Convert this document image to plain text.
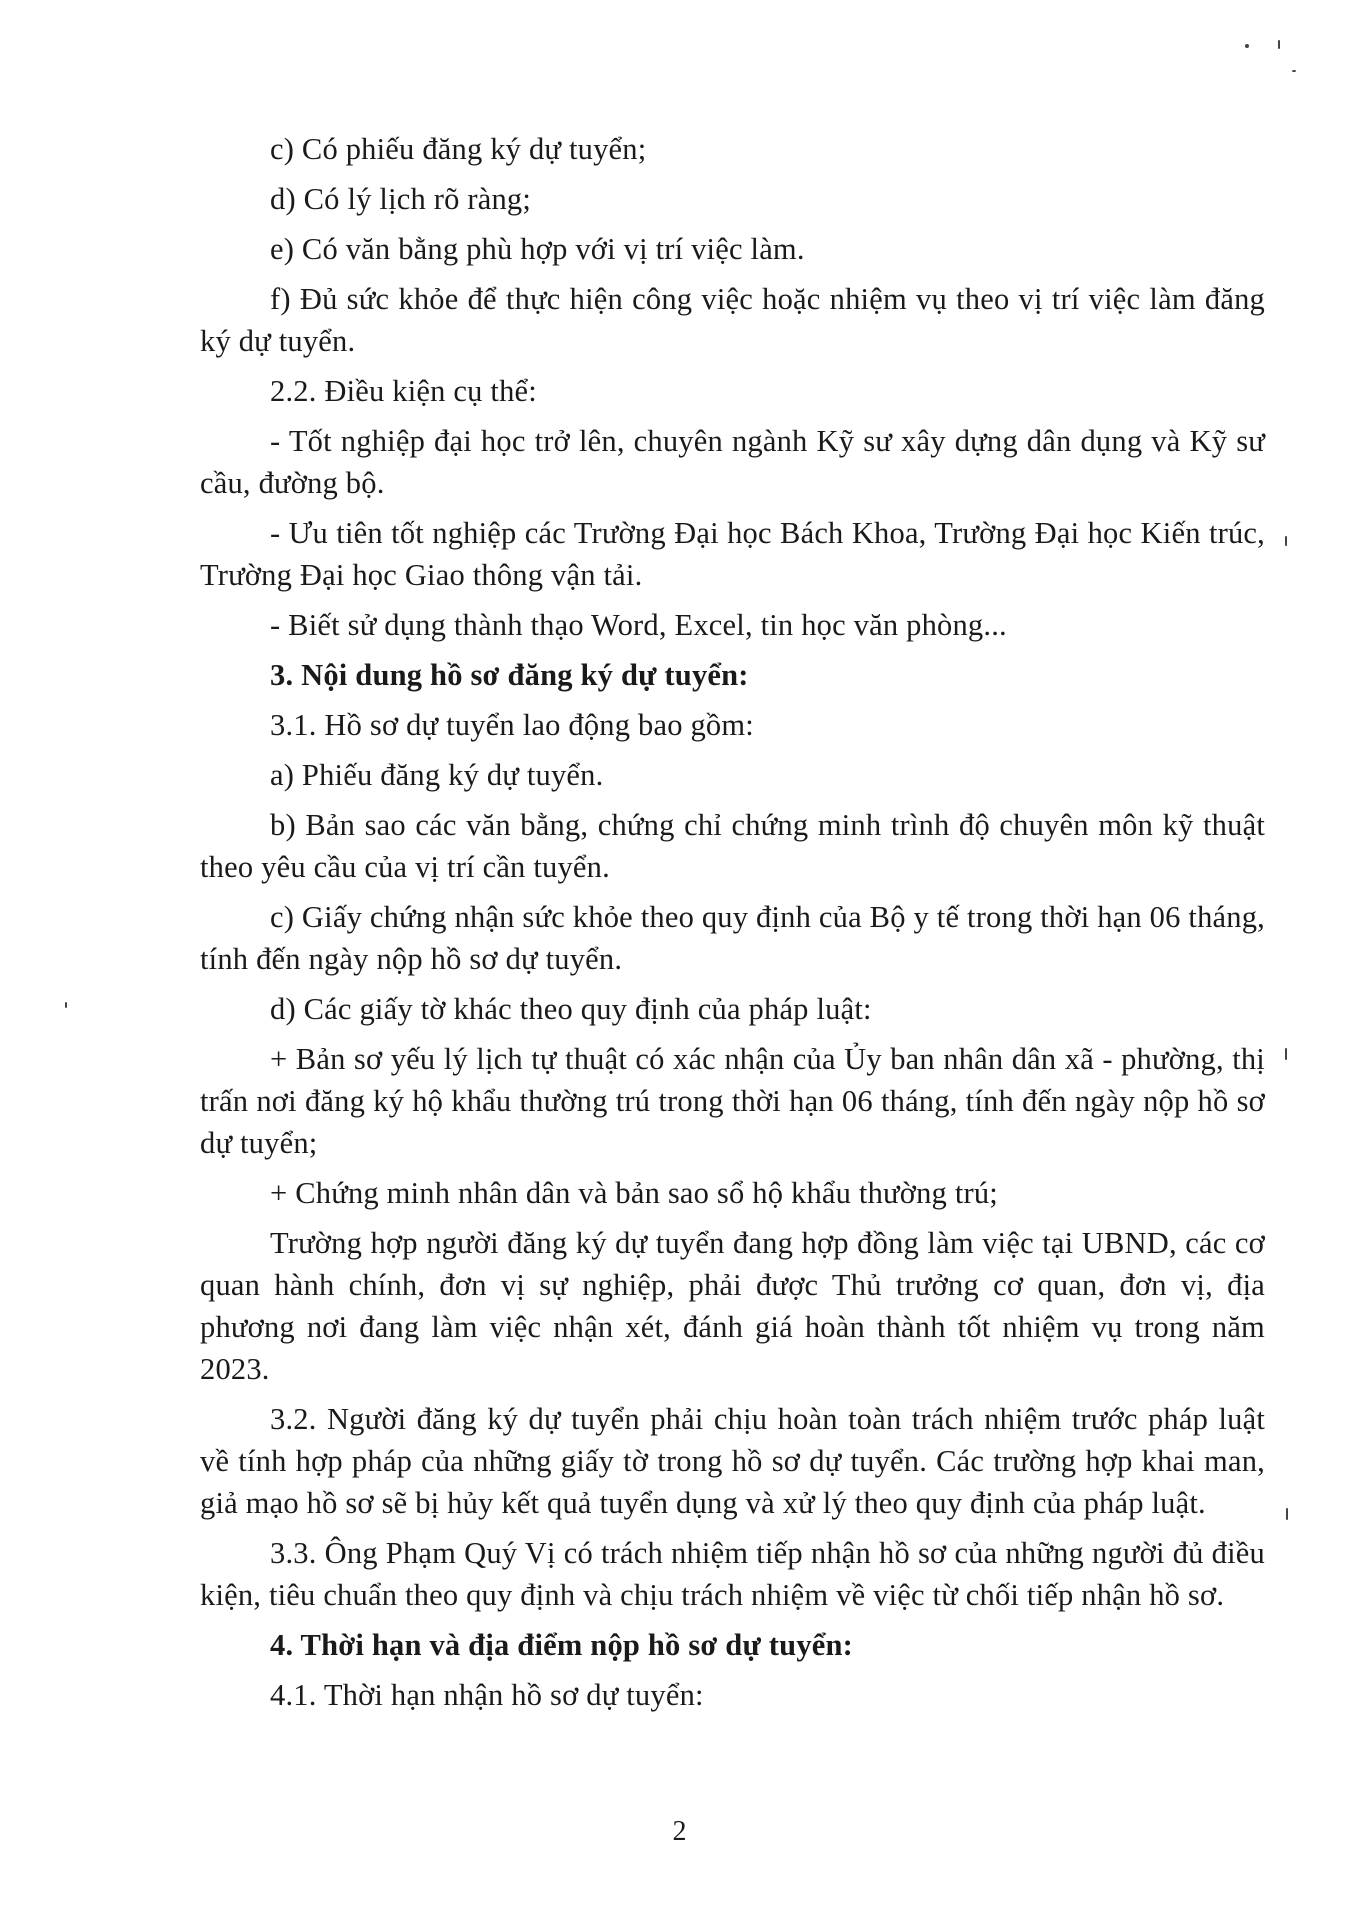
c) Có phiếu đăng ký dự tuyển;

d) Có lý lịch rõ ràng;

e) Có văn bằng phù hợp với vị trí việc làm.

f) Đủ sức khỏe để thực hiện công việc hoặc nhiệm vụ theo vị trí việc làm đăng ký dự tuyển.

2.2. Điều kiện cụ thể:

- Tốt nghiệp đại học trở lên, chuyên ngành Kỹ sư xây dựng dân dụng và Kỹ sư cầu, đường bộ.

- Ưu tiên tốt nghiệp các Trường Đại học Bách Khoa, Trường Đại học Kiến trúc, Trường Đại học Giao thông vận tải.

- Biết sử dụng thành thạo Word, Excel, tin học văn phòng...

3. Nội dung hồ sơ đăng ký dự tuyển:

3.1. Hồ sơ dự tuyển lao động bao gồm:

a) Phiếu đăng ký dự tuyển.

b) Bản sao các văn bằng, chứng chỉ chứng minh trình độ chuyên môn kỹ thuật theo yêu cầu của vị trí cần tuyển.

c) Giấy chứng nhận sức khỏe theo quy định của Bộ y tế trong thời hạn 06 tháng, tính đến ngày nộp hồ sơ dự tuyển.

d) Các giấy tờ khác theo quy định của pháp luật:

+ Bản sơ yếu lý lịch tự thuật có xác nhận của Ủy ban nhân dân xã - phường, thị trấn nơi đăng ký hộ khẩu thường trú trong thời hạn 06 tháng, tính đến ngày nộp hồ sơ dự tuyển;

+ Chứng minh nhân dân và bản sao sổ hộ khẩu thường trú;

Trường hợp người đăng ký dự tuyển đang hợp đồng làm việc tại UBND, các cơ quan hành chính, đơn vị sự nghiệp, phải được Thủ trưởng cơ quan, đơn vị, địa phương nơi đang làm việc nhận xét, đánh giá hoàn thành tốt nhiệm vụ trong năm 2023.

3.2. Người đăng ký dự tuyển phải chịu hoàn toàn trách nhiệm trước pháp luật về tính hợp pháp của những giấy tờ trong hồ sơ dự tuyển. Các trường hợp khai man, giả mạo hồ sơ sẽ bị hủy kết quả tuyển dụng và xử lý theo quy định của pháp luật.

3.3. Ông Phạm Quý Vị có trách nhiệm tiếp nhận hồ sơ của những người đủ điều kiện, tiêu chuẩn theo quy định và chịu trách nhiệm về việc từ chối tiếp nhận hồ sơ.

4. Thời hạn và địa điểm nộp hồ sơ dự tuyển:

4.1. Thời hạn nhận hồ sơ dự tuyển:

2
